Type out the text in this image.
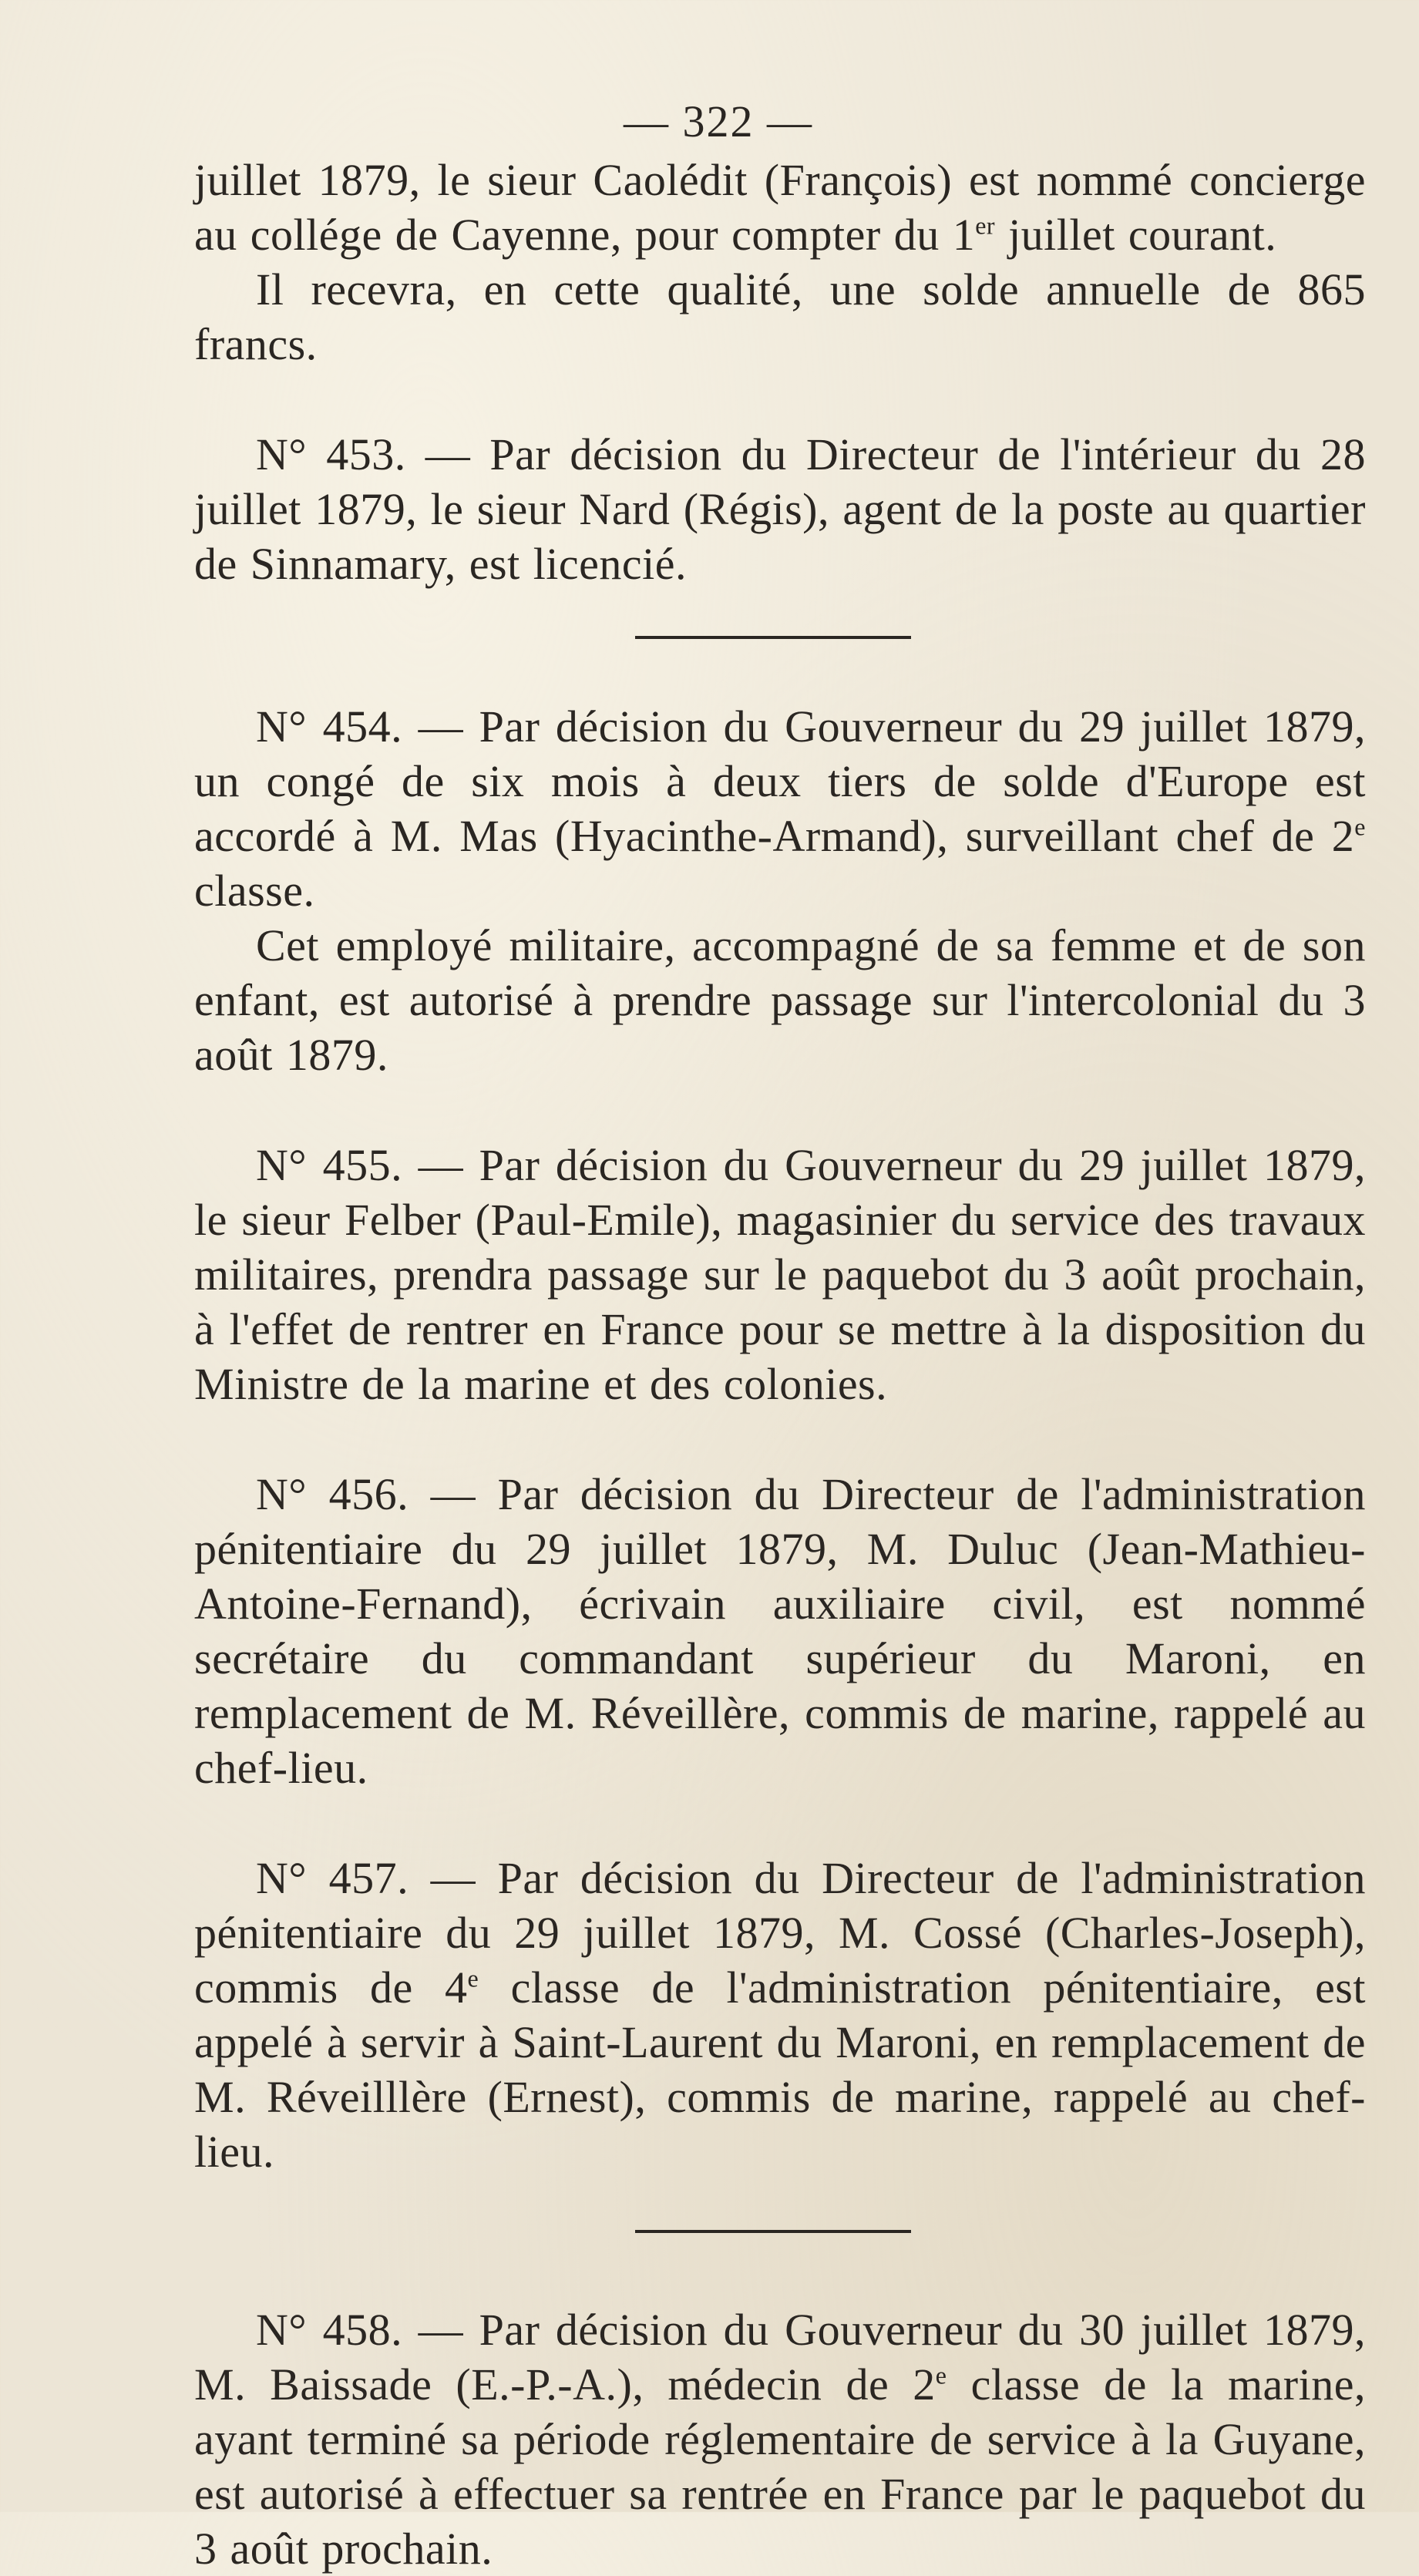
— 322 —

juillet 1879, le sieur Caolédit (François) est nommé concierge au collége de Cayenne, pour compter du 1er juillet courant.

Il recevra, en cette qualité, une solde annuelle de 865 francs.

N° 453. — Par décision du Directeur de l'intérieur du 28 juillet 1879, le sieur Nard (Régis), agent de la poste au quartier de Sinnamary, est licencié.

N° 454. — Par décision du Gouverneur du 29 juillet 1879, un congé de six mois à deux tiers de solde d'Europe est accordé à M. Mas (Hyacinthe-Armand), surveillant chef de 2e classe.

Cet employé militaire, accompagné de sa femme et de son enfant, est autorisé à prendre passage sur l'intercolonial du 3 août 1879.

N° 455. — Par décision du Gouverneur du 29 juillet 1879, le sieur Felber (Paul-Emile), magasinier du service des travaux militaires, prendra passage sur le paquebot du 3 août prochain, à l'effet de rentrer en France pour se mettre à la disposition du Ministre de la marine et des colonies.

N° 456. — Par décision du Directeur de l'administration pénitentiaire du 29 juillet 1879, M. Duluc (Jean-Mathieu-Antoine-Fernand), écrivain auxiliaire civil, est nommé secrétaire du commandant supérieur du Maroni, en remplacement de M. Réveillère, commis de marine, rappelé au chef-lieu.

N° 457. — Par décision du Directeur de l'administration pénitentiaire du 29 juillet 1879, M. Cossé (Charles-Joseph), commis de 4e classe de l'administration pénitentiaire, est appelé à servir à Saint-Laurent du Maroni, en remplacement de M. Réveilllère (Ernest), commis de marine, rappelé au chef-lieu.

N° 458. — Par décision du Gouverneur du 30 juillet 1879, M. Baissade (E.-P.-A.), médecin de 2e classe de la marine, ayant terminé sa période réglementaire de service à la Guyane, est autorisé à effectuer sa rentrée en France par le paquebot du 3 août prochain.
